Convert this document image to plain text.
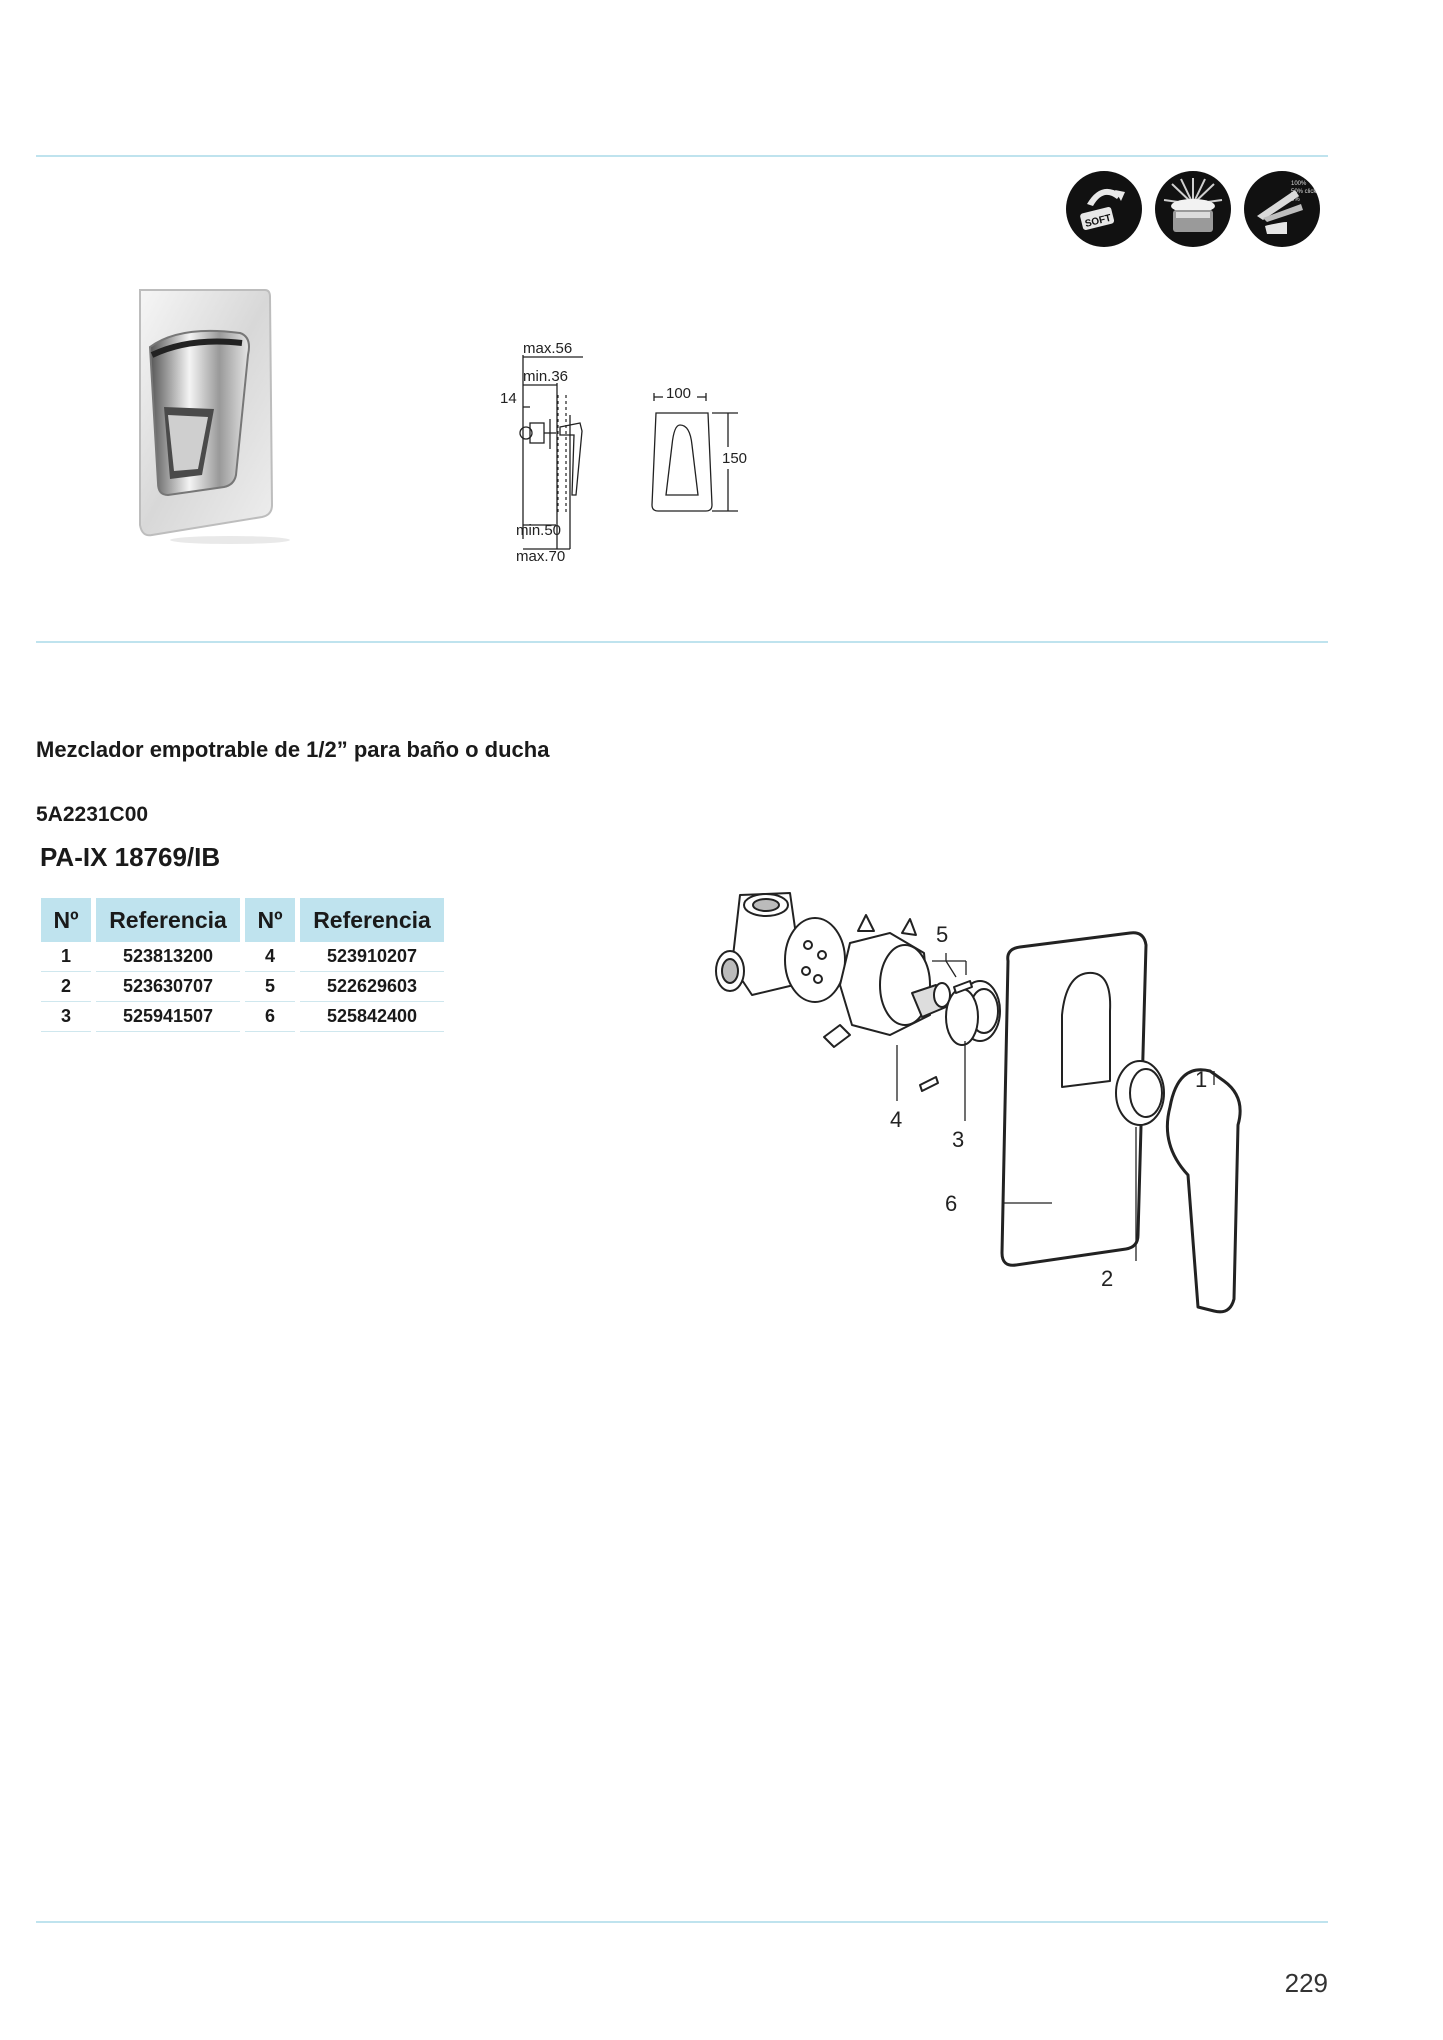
SOFT
100%
50% click
0%
max.56
min.36
14
min.50
max.70
100
150
Mezclador empotrable de 1/2” para baño o ducha
5A2231C00
PA-IX 18769/IB
Nº	Referencia	Nº	Referencia
1	523813200	4	523910207
2	523630707	5	522629603
3	525941507	6	525842400
5
4
3
6
2
1
229
